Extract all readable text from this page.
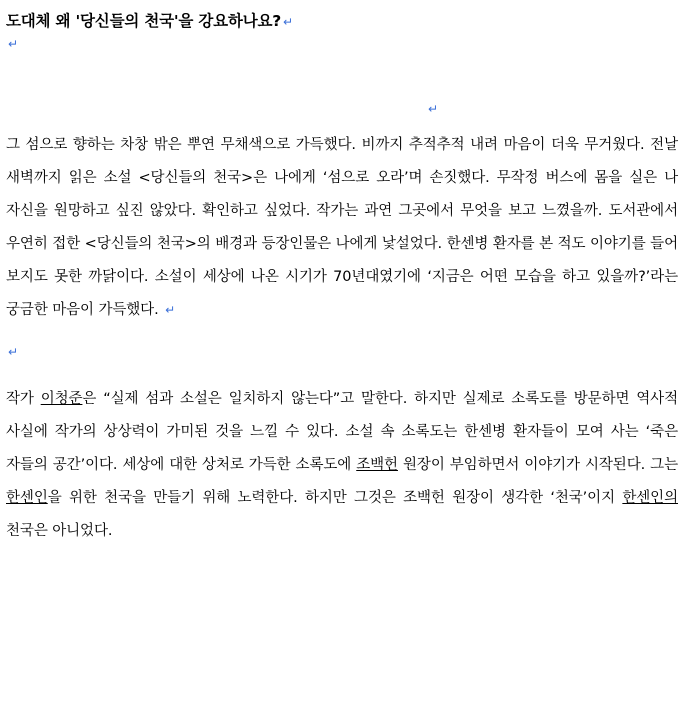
도대체 왜 '당신들의 천국'을 강요하나요? ↵
↵
↵

그 섬으로 향하는 차창 밖은 뿌연 무채색으로 가득했다. 비까지 추적추적 내려 마음이 더욱 무거웠다. 전날 새벽까지 읽은 소설 <당신들의 천국>은 나에게 ‘섬으로 오라’며 손짓했다. 무작정 버스에 몸을 실은 나 자신을 원망하고 싶진 않았다. 확인하고 싶었다. 작가는 과연 그곳에서 무엇을 보고 느꼈을까. 도서관에서 우연히 접한 <당신들의 천국>의 배경과 등장인물은 나에게 낯설었다. 한센병 환자를 본 적도 이야기를 들어 보지도 못한 까닭이다. 소설이 세상에 나온 시기가 70년대였기에 ‘지금은 어떤 모습을 하고 있을까?’라는 궁금한 마음이 가득했다. ↵

↵

작가 이청준은 “실제 섬과 소설은 일치하지 않는다”고 말한다. 하지만 실제로 소록도를 방문하면 역사적 사실에 작가의 상상력이 가미된 것을 느낄 수 있다. 소설 속 소록도는 한센병 환자들이 모여 사는 ‘죽은 자들의 공간’이다. 세상에 대한 상처로 가득한 소록도에 조백헌 원장이 부임하면서 이야기가 시작된다. 그는 한센인을 위한 천국을 만들기 위해 노력한다. 하지만 그것은 조백헌 원장이 생각한 ‘천국’이지 한센인의 천국은 아니었다.
